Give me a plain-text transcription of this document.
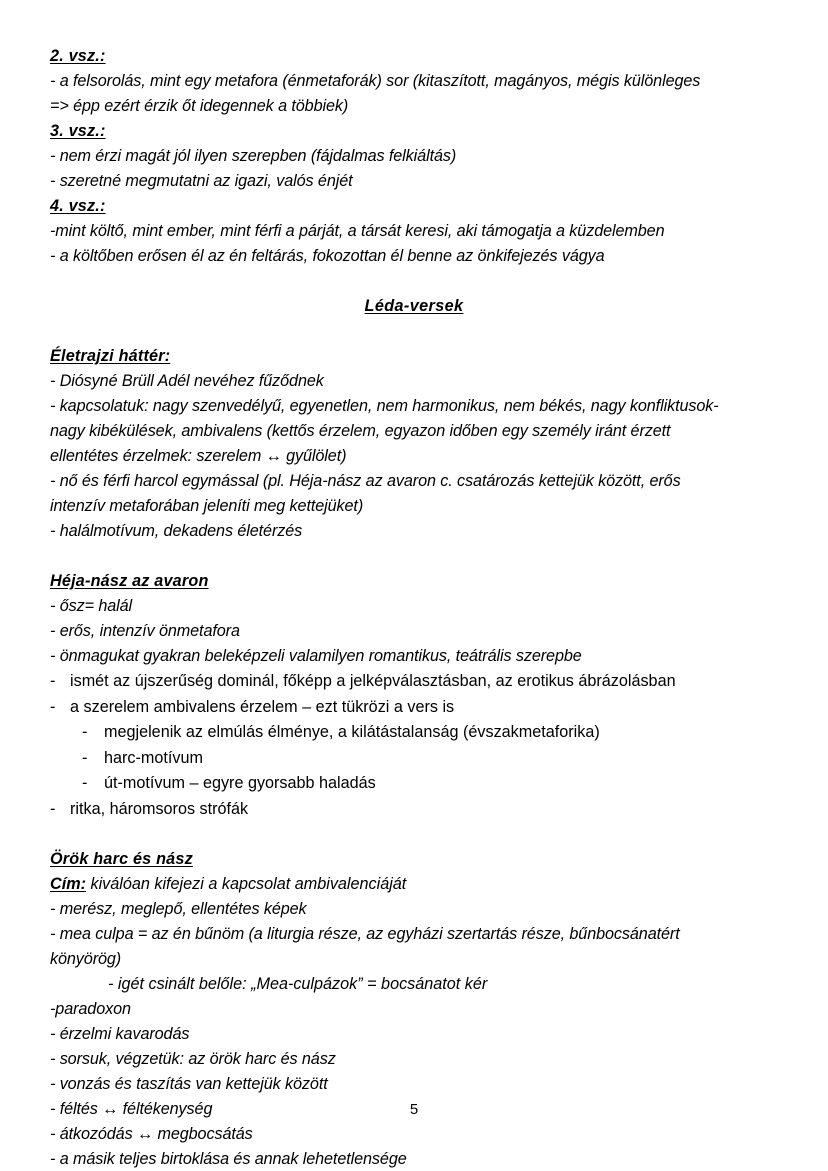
2. vsz.:
- a felsorolás, mint egy metafora (énmetaforák) sor (kitaszított, magányos, mégis különleges
=> épp ezért érzik őt idegennek a többiek)
3. vsz.:
- nem érzi magát jól ilyen szerepben (fájdalmas felkiáltás)
- szeretné megmutatni az igazi, valós énjét
4. vsz.:
-mint költő, mint ember, mint férfi a párját, a társát keresi, aki támogatja a küzdelemben
- a költőben erősen él az én feltárás, fokozottan él benne az önkifejezés vágya
Léda-versek
Életrajzi háttér:
- Diósyné Brüll Adél nevéhez fűződnek
- kapcsolatuk: nagy szenvedélyű, egyenetlen, nem harmonikus, nem békés, nagy konfliktusok-
nagy kibékülések, ambivalens (kettős érzelem, egyazon időben egy személy iránt érzett
ellentétes érzelmek: szerelem ↔ gyűlölet)
- nő és férfi harcol egymással (pl. Héja-nász az avaron c. csatározás kettejük között, erős
intenzív metaforában jeleníti meg kettejüket)
- halálmotívum, dekadens életérzés
Héja-nász az avaron
- ősz= halál
- erős, intenzív önmetafora
- önmagukat gyakran beleképzeli valamilyen romantikus, teátrális szerepbe
- ismét az újszerűség dominál, főképp a jelképválasztásban, az erotikus ábrázolásban
- a szerelem ambivalens érzelem – ezt tükrözi a vers is
-	megjelenik az elmúlás élménye, a kilátástalanság (évszakmetaforika)
-	harc-motívum
-	út-motívum – egyre gyorsabb haladás
- ritka, háromsoros strófák
Örök harc és nász
Cím: kiválóan kifejezi a kapcsolat ambivalenciáját
- merész, meglepő, ellentétes képek
- mea culpa = az én bűnöm (a liturgia része, az egyházi szertartás része, bűnbocsánatért
könyörög)
- igét csinált belőle: „Mea-culpázok” = bocsánatot kér
-paradoxon
- érzelmi kavarodás
- sorsuk, végzetük: az örök harc és nász
- vonzás és taszítás van kettejük között
- féltés ↔ féltékenység
- átkozódás ↔ megbocsátás
- a másik teljes birtoklása és annak lehetetlensége
5
